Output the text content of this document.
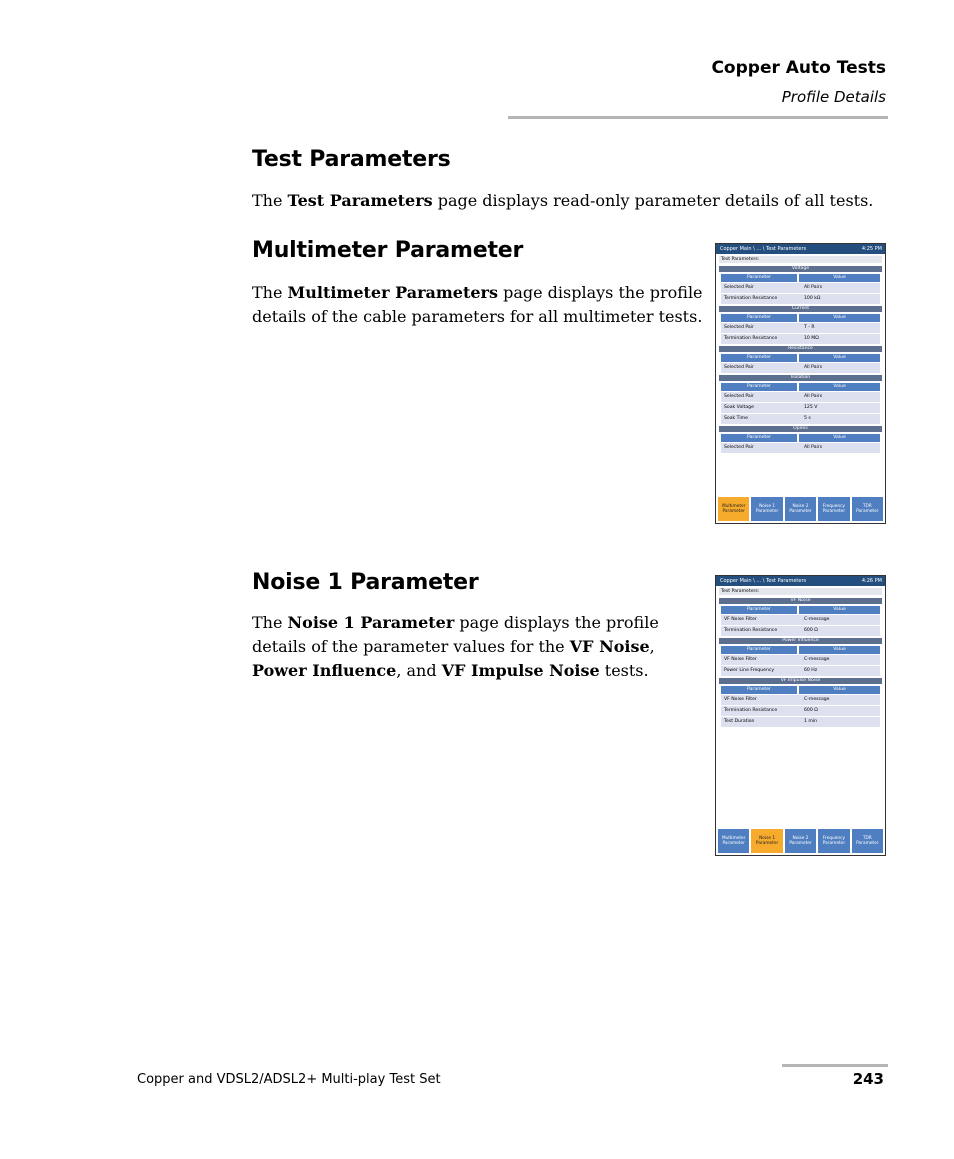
Copper Auto Tests
Profile Details
Test Parameters

The Test Parameters page displays read-only parameter details of all tests.

Multimeter Parameter

The Multimeter Parameters page displays the profile details of the cable parameters for all multimeter tests.

Noise 1 Parameter

The Noise 1 Parameter page displays the profile details of the parameter values for the VF Noise, Power Influence, and VF Impulse Noise tests.

Copper Main \ ... \ Test Parameters	4:25 PM
Test Parameters:
Voltage
Parameter	Value
Selected Pair	All Pairs
Termination Resistance	100 kΩ
Current
Parameter	Value
Selected Pair	T - R
Termination Resistance	10 MΩ
Resistance
Parameter	Value
Selected Pair	All Pairs
Isolation
Parameter	Value
Selected Pair	All Pairs
Soak Voltage	125 V
Soak Time	5 s
Opens
Parameter	Value
Selected Pair	All Pairs
Multimeter Parameter
Noise 1 Parameter
Noise 2 Parameter
Frequency Parameter
TDR Parameter
Copper Main \ ... \ Test Parameters	4:26 PM
Test Parameters:
VF Noise
Parameter	Value
VF Noise Filter	C-message
Termination Resistance	600 Ω
Power Influence
Parameter	Value
VF Noise Filter	C-message
Power Line Frequency	60 Hz
VF Impulse Noise
Parameter	Value
VF Noise Filter	C-message
Termination Resistance	600 Ω
Test Duration	1 min
Multimeter Parameter
Noise 1 Parameter
Noise 2 Parameter
Frequency Parameter
TDR Parameter
Copper and VDSL2/ADSL2+ Multi-play Test Set	243
